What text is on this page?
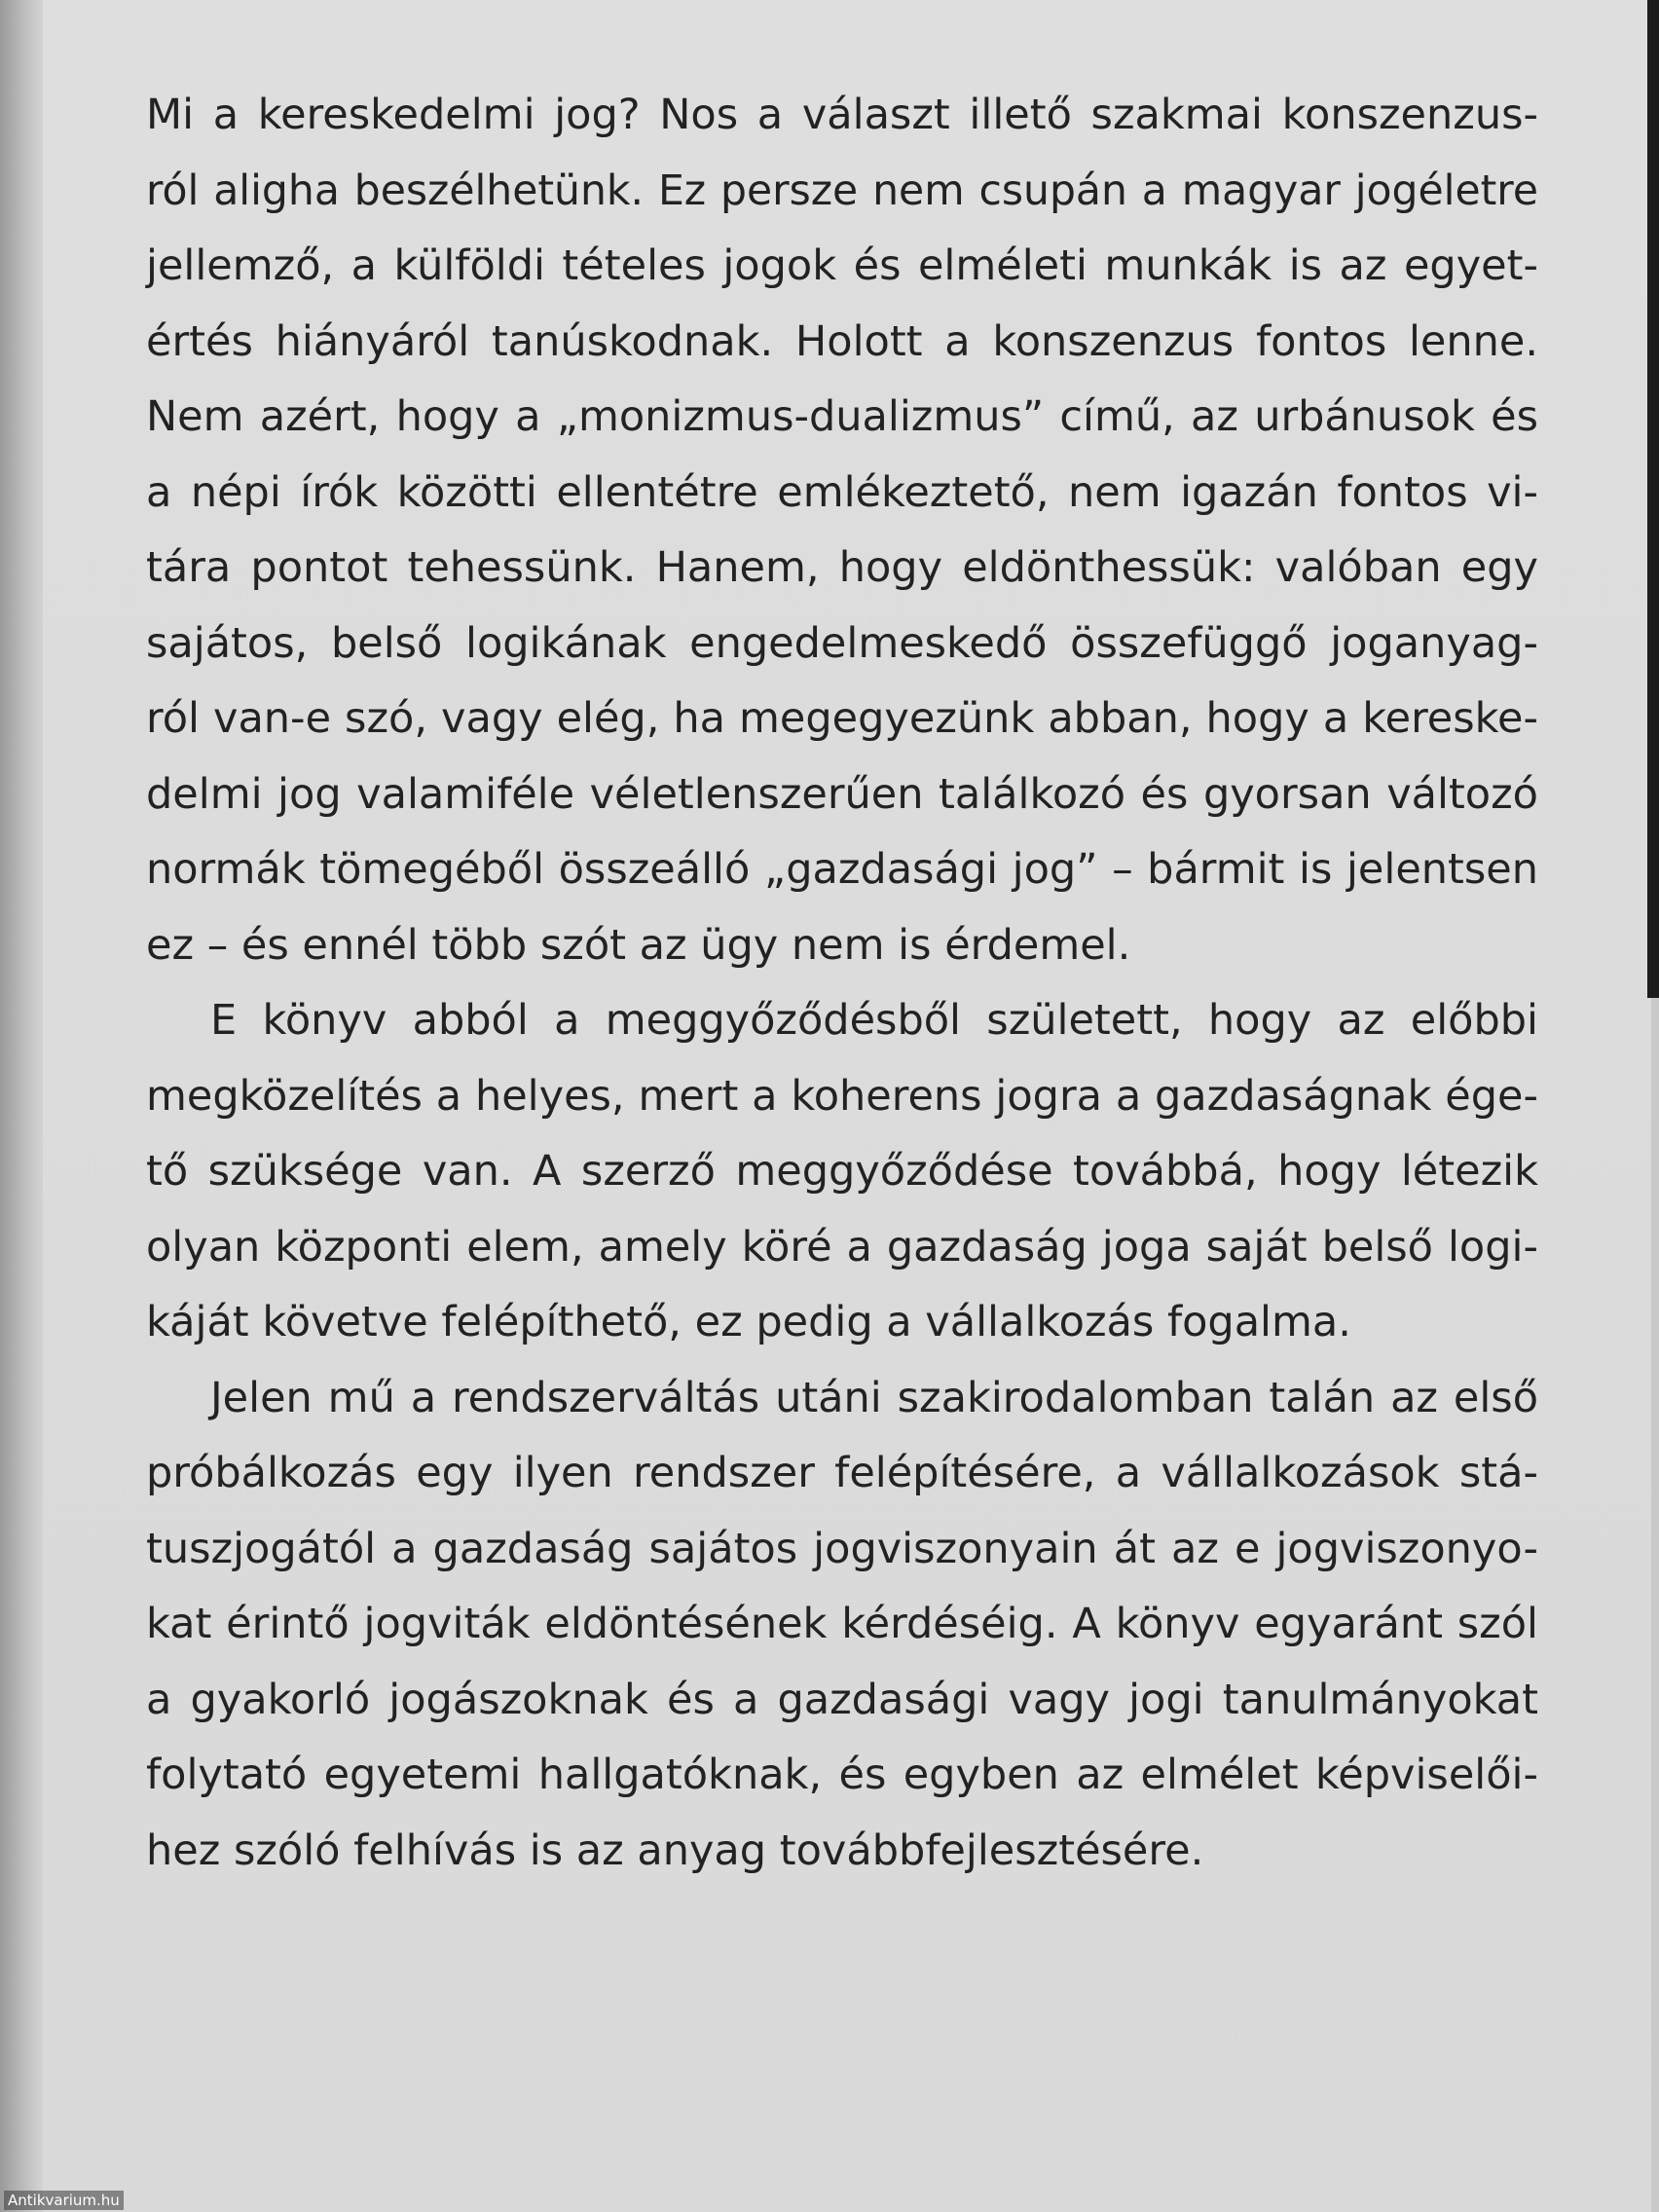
Mi a kereskedelmi jog? Nos a választ illető szakmai konszenzus-
ról aligha beszélhetünk. Ez persze nem csupán a magyar jogéletre
jellemző, a külföldi tételes jogok és elméleti munkák is az egyet-
értés hiányáról tanúskodnak. Holott a konszenzus fontos lenne.
Nem azért, hogy a „monizmus-dualizmus” című, az urbánusok és
a népi írók közötti ellentétre emlékeztető, nem igazán fontos vi-
tára pontot tehessünk. Hanem, hogy eldönthessük: valóban egy
sajátos, belső logikának engedelmeskedő összefüggő joganyag-
ról van-e szó, vagy elég, ha megegyezünk abban, hogy a kereske-
delmi jog valamiféle véletlenszerűen találkozó és gyorsan változó
normák tömegéből összeálló „gazdasági jog” – bármit is jelentsen
ez – és ennél több szót az ügy nem is érdemel.

E könyv abból a meggyőződésből született, hogy az előbbi
megközelítés a helyes, mert a koherens jogra a gazdaságnak ége-
tő szüksége van. A szerző meggyőződése továbbá, hogy létezik
olyan központi elem, amely köré a gazdaság joga saját belső logi-
káját követve felépíthető, ez pedig a vállalkozás fogalma.

Jelen mű a rendszerváltás utáni szakirodalomban talán az első
próbálkozás egy ilyen rendszer felépítésére, a vállalkozások stá-
tuszjogától a gazdaság sajátos jogviszonyain át az e jogviszonyo-
kat érintő jogviták eldöntésének kérdéséig. A könyv egyaránt szól
a gyakorló jogászoknak és a gazdasági vagy jogi tanulmányokat
folytató egyetemi hallgatóknak, és egyben az elmélet képviselői-
hez szóló felhívás is az anyag továbbfejlesztésére.

Antikvarium.hu
